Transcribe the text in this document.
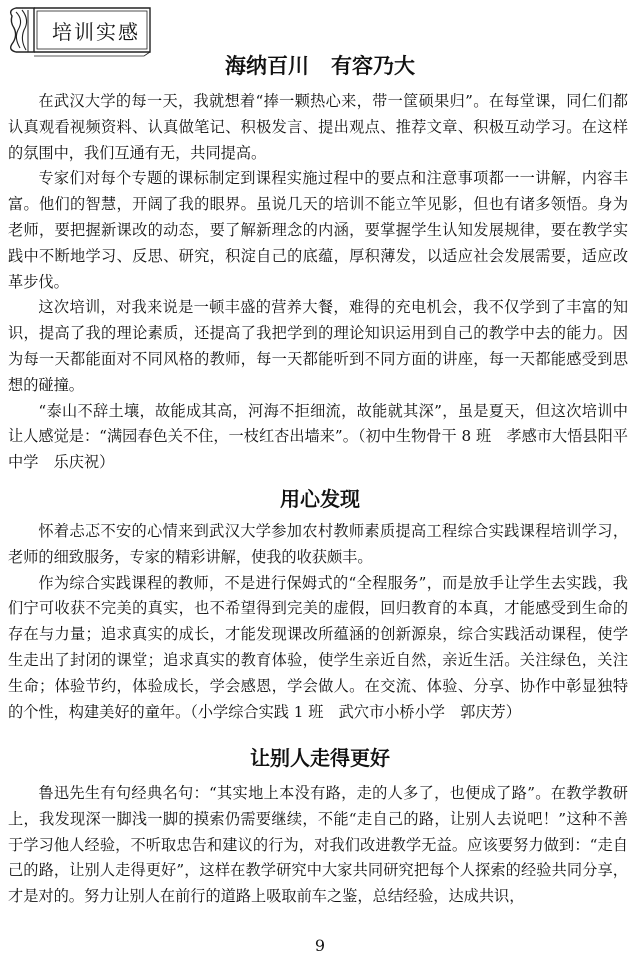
培训实感
海纳百川 有容乃大

在武汉大学的每一天，我就想着“捧一颗热心来，带一筐硕果归”。在每堂课，同仁们都认真观看视频资料、认真做笔记、积极发言、提出观点、推荐文章、积极互动学习。在这样的氛围中，我们互通有无，共同提高。

专家们对每个专题的课标制定到课程实施过程中的要点和注意事项都一一讲解，内容丰富。他们的智慧，开阔了我的眼界。虽说几天的培训不能立竿见影，但也有诸多领悟。身为老师，要把握新课改的动态，要了解新理念的内涵，要掌握学生认知发展规律，要在教学实践中不断地学习、反思、研究，积淀自己的底蕴，厚积薄发，以适应社会发展需要，适应改革步伐。

这次培训，对我来说是一顿丰盛的营养大餐，难得的充电机会，我不仅学到了丰富的知识，提高了我的理论素质，还提高了我把学到的理论知识运用到自己的教学中去的能力。因为每一天都能面对不同风格的教师，每一天都能听到不同方面的讲座，每一天都能感受到思想的碰撞。

“泰山不辞土壤，故能成其高，河海不拒细流，故能就其深”，虽是夏天，但这次培训中让人感觉是：“满园春色关不住，一枝红杏出墙来”。（初中生物骨干 8 班　孝感市大悟县阳平中学　乐庆祝）

用心发现

怀着忐忑不安的心情来到武汉大学参加农村教师素质提高工程综合实践课程培训学习，老师的细致服务，专家的精彩讲解，使我的收获颇丰。

作为综合实践课程的教师，不是进行保姆式的“全程服务”，而是放手让学生去实践，我们宁可收获不完美的真实，也不希望得到完美的虚假，回归教育的本真，才能感受到生命的存在与力量；追求真实的成长，才能发现课改所蕴涵的创新源泉，综合实践活动课程，使学生走出了封闭的课堂；追求真实的教育体验，使学生亲近自然，亲近生活。关注绿色，关注生命；体验节约，体验成长，学会感恩，学会做人。在交流、体验、分享、协作中彰显独特的个性，构建美好的童年。（小学综合实践 1 班　武穴市小桥小学　郭庆芳）

让别人走得更好

鲁迅先生有句经典名句：“其实地上本没有路，走的人多了，也便成了路”。在教学教研上，我发现深一脚浅一脚的摸索仍需要继续，不能“走自己的路，让别人去说吧！”这种不善于学习他人经验，不听取忠告和建议的行为，对我们改进教学无益。应该要努力做到：“走自己的路，让别人走得更好”，这样在教学研究中大家共同研究把每个人探索的经验共同分享，才是对的。努力让别人在前行的道路上吸取前车之鉴，总结经验，达成共识，

9
